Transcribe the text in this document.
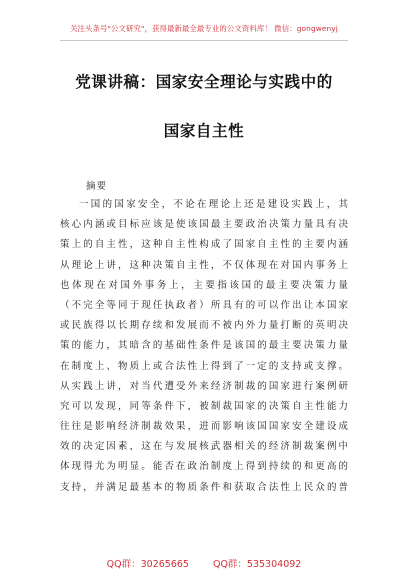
关注头条号"公文研究"，获得最新最全最专业的公文资料库！ 微信：gongwenyj
党课讲稿：国家安全理论与实践中的
国家自主性
摘要
一国的国家安全，不论在理论上还是建设实践上，其
核心内涵或目标应该是使该国最主要政治决策力量具有决
策上的自主性，这种自主性构成了国家自主性的主要内涵
从理论上讲，这种决策自主性，不仅体现在对国内事务上
也体现在对国外事务上，主要指该国的最主要决策力量
（不完全等同于现任执政者）所具有的可以作出让本国家
或民族得以长期存续和发展而不被内外力量打断的英明决
策的能力，其暗含的基础性条件是该国的最主要决策力量
在制度上、物质上或合法性上得到了一定的支持或支撑。
从实践上讲，对当代遭受外来经济制裁的国家进行案例研
究可以发现，同等条件下，被制裁国家的决策自主性能力
往往是影响经济制裁效果，进而影响该国国家安全建设成
效的决定因素，这在与发展核武器相关的经济制裁案例中
体现得尤为明显。能否在政治制度上得到持续的和更高的
支持，并满足最基本的物质条件和获取合法性上民众的普
QQ群：30265665	QQ群：535304092
